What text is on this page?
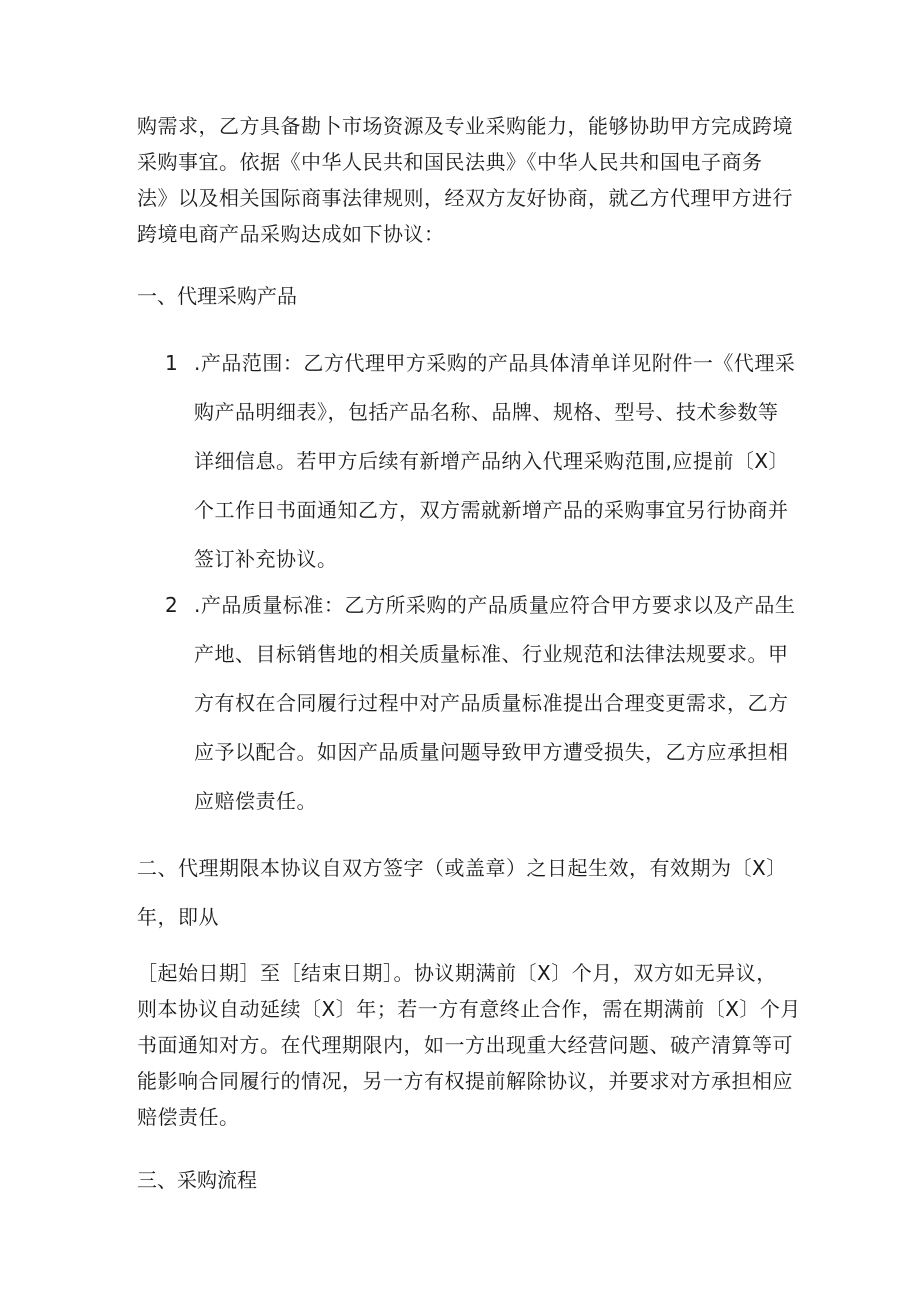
购需求，乙方具备勘卜市场资源及专业采购能力，能够协助甲方完成跨境
采购事宜。依据《中华人民共和国民法典》《中华人民共和国电子商务
法》以及相关国际商事法律规则，经双方友好协商，就乙方代理甲方进行
跨境电商产品采购达成如下协议：
一、代理采购产品
1 .产品范围：乙方代理甲方采购的产品具体清单详见附件一《代理采
购产品明细表》，包括产品名称、品牌、规格、型号、技术参数等
详细信息。若甲方后续有新增产品纳入代理采购范围,应提前〔X〕
个工作日书面通知乙方，双方需就新增产品的采购事宜另行协商并
签订补充协议。
2 .产品质量标准：乙方所采购的产品质量应符合甲方要求以及产品生
产地、目标销售地的相关质量标准、行业规范和法律法规要求。甲
方有权在合同履行过程中对产品质量标准提出合理变更需求，乙方
应予以配合。如因产品质量问题导致甲方遭受损失，乙方应承担相
应赔偿责任。
二、代理期限本协议自双方签字（或盖章）之日起生效，有效期为〔X〕
年，即从
［起始日期］至［结束日期］。协议期满前〔X〕个月，双方如无异议，
则本协议自动延续〔X〕年；若一方有意终止合作，需在期满前〔X〕个月
书面通知对方。在代理期限内，如一方出现重大经营问题、破产清算等可
能影响合同履行的情况，另一方有权提前解除协议，并要求对方承担相应
赔偿责任。
三、采购流程
